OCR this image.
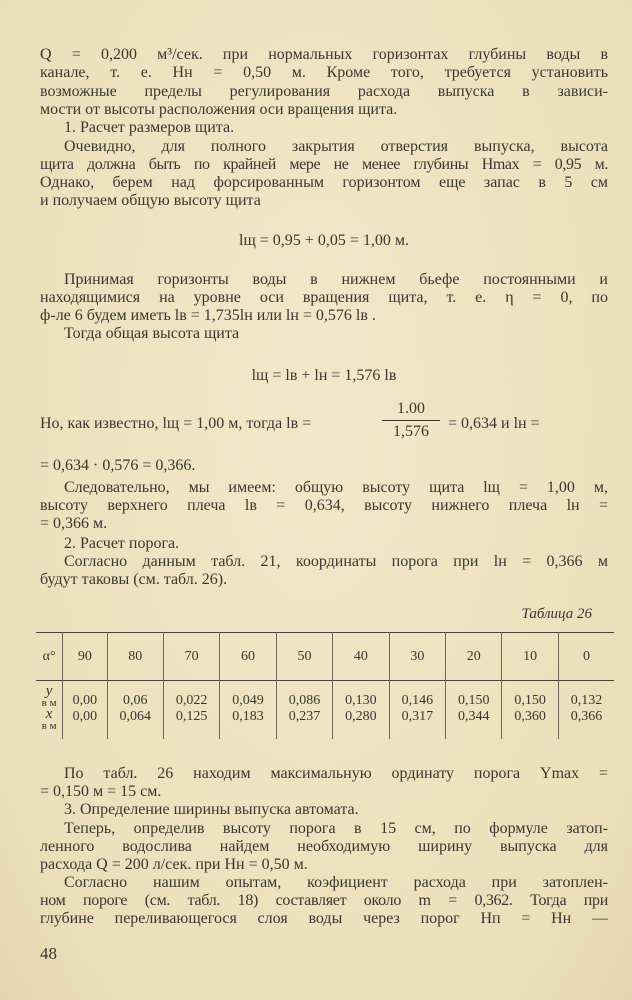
Q = 0,200 м³/сек. при нормальных горизонтах глубины воды в
канале, т. е. Hн = 0,50 м. Кроме того, требуется установить
возможные пределы регулирования расхода выпуска в зависи-
мости от высоты расположения оси вращения щита.
1. Расчет размеров щита.
Очевидно, для полного закрытия отверстия выпуска, высота
щита должна быть по крайней мере не менее глубины Hmax = 0,95 м.
Однако, берем над форсированным горизонтом еще запас в 5 см
и получаем общую высоту щита
lщ = 0,95 + 0,05 = 1,00 м.
Принимая горизонты воды в нижнем бьефе постоянными и
находящимися на уровне оси вращения щита, т. е. η = 0, по
ф-ле 6 будем иметь lв = 1,735lн или lн = 0,576 lв .
Тогда общая высота щита
lщ = lв + lн = 1,576 lв
Но, как известно, lщ = 1,00 м, тогда lв =
1.00
1,576	= 0,634 и lн =
= 0,634 · 0,576 = 0,366.
Следовательно, мы имеем: общую высоту щита lщ = 1,00 м,
высоту верхнего плеча lв = 0,634, высоту нижнего плеча lн =
= 0,366 м.
2. Расчет порога.
Согласно данным табл. 21, координаты порога при lн = 0,366 м
будут таковы (см. табл. 26).
Таблица 26
α°	90	80	70	60	50	40	30	20	10	0
y
в м	0,00	0,06	0,022	0,049	0,086	0,130	0,146	0,150	0,150	0,132
x
в м	0,00	0,064	0,125	0,183	0,237	0,280	0,317	0,344	0,360	0,366
По табл. 26 находим максимальную ординату порога Ymax =
= 0,150 м = 15 см.
3. Определение ширины выпуска автомата.
Теперь, определив высоту порога в 15 см, по формуле затоп-
ленного водослива найдем необходимую ширину выпуска для
расхода Q = 200 л/сек. при Hн = 0,50 м.
Согласно нашим опытам, коэфициент расхода при затоплен-
ном пороге (см. табл. 18) составляет около m = 0,362. Тогда при
глубине переливающегося слоя воды через порог Hп = Hн —
48
